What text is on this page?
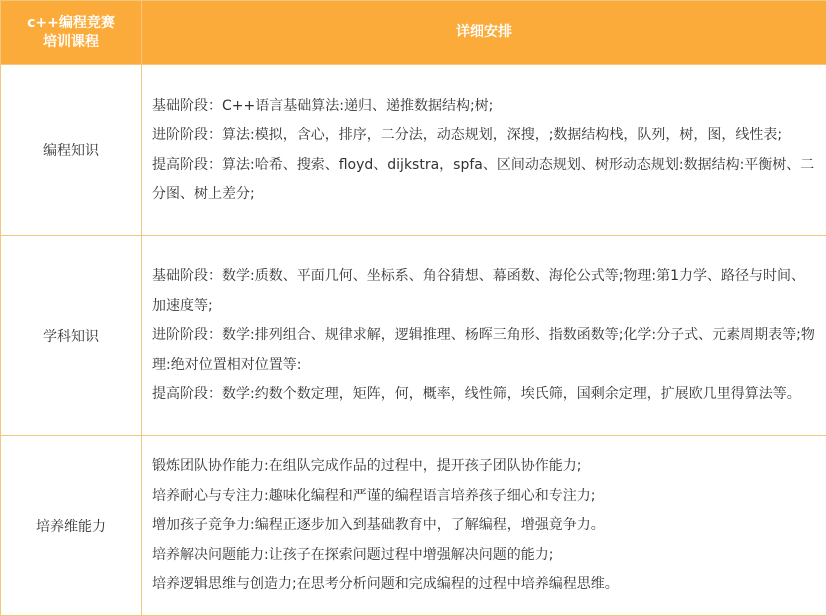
c++编程竞赛培训课程	详细安排
编程知识	基础阶段：C++语言基础算法:递归、递推数据结构;树;

进阶阶段：算法:模拟，含心，排序，二分法，动态规划，深搜，;数据结构栈，队列，树，图，线性表;

提高阶段：算法:哈希、搜索、floyd、dijkstra，spfa、区间动态规划、树形动态规划:数据结构:平衡树、二分图、树上差分;

学科知识	基础阶段：数学:质数、平面几何、坐标系、角谷猜想、幕函数、海伦公式等;物理:第1力学、路径与时间、加速度等;

进阶阶段：数学:排列组合、规律求解，逻辑推理、杨晖三角形、指数函数等;化学:分子式、元素周期表等;物理:绝对位置相对位置等:

提高阶段：数学:约数个数定理，矩阵，何，概率，线性筛，埃氏筛，国剩余定理，扩展欧几里得算法等。

培养维能力	锻炼团队协作能力:在组队完成作品的过程中，提开孩子团队协作能力;

培养耐心与专注力:趣味化编程和严谨的编程语言培养孩子细心和专注力;

增加孩子竞争力:编程正逐步加入到基础教育中，了解编程，增强竟争力。

培养解决问题能力:让孩子在探索问题过程中增强解决问题的能力;

培养逻辑思维与创造力;在思考分析问题和完成编程的过程中培养编程思维。
